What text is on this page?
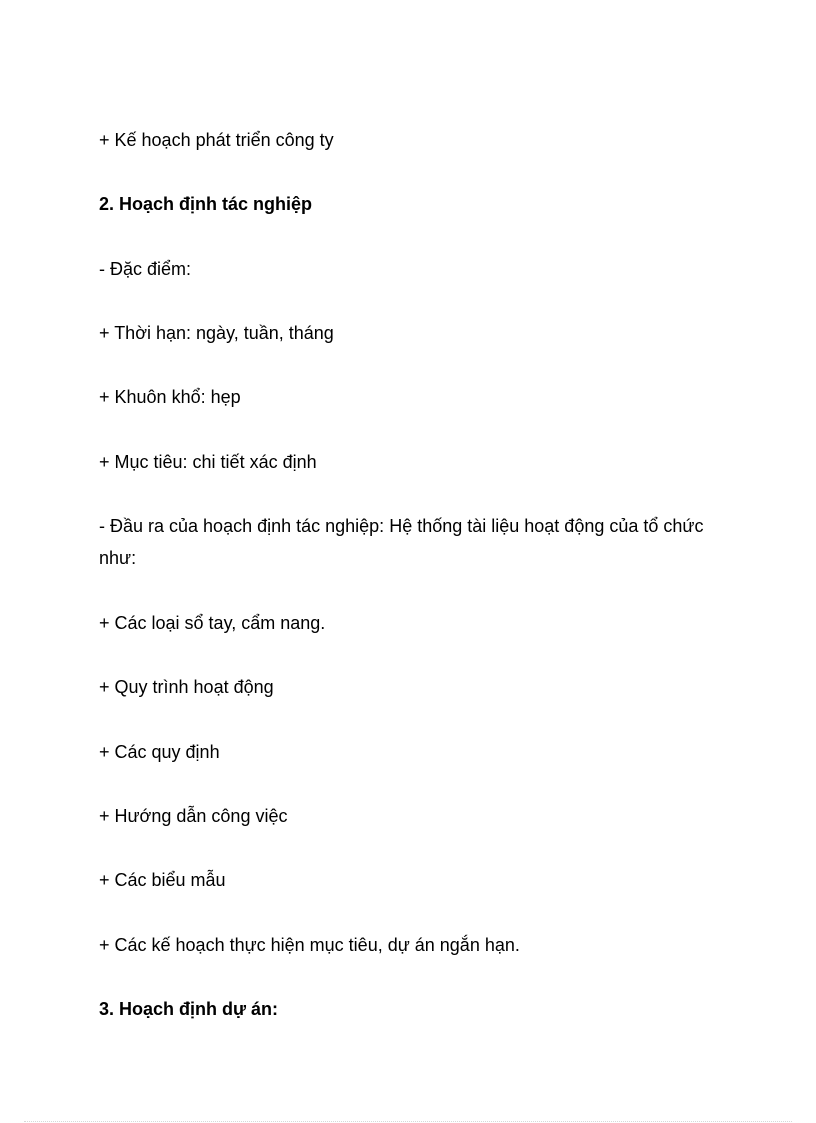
+ Kế hoạch phát triển công ty
2. Hoạch định tác nghiệp
- Đặc điểm:
+ Thời hạn: ngày, tuần, tháng
+ Khuôn khổ: hẹp
+ Mục tiêu: chi tiết xác định
- Đầu ra của hoạch định tác nghiệp: Hệ thống tài liệu hoạt động của tổ chức như:
+ Các loại sổ tay, cẩm nang.
+ Quy trình hoạt động
+ Các quy định
+ Hướng dẫn công việc
+ Các biểu mẫu
+ Các kế hoạch thực hiện mục tiêu, dự án ngắn hạn.
3. Hoạch định dự án:
